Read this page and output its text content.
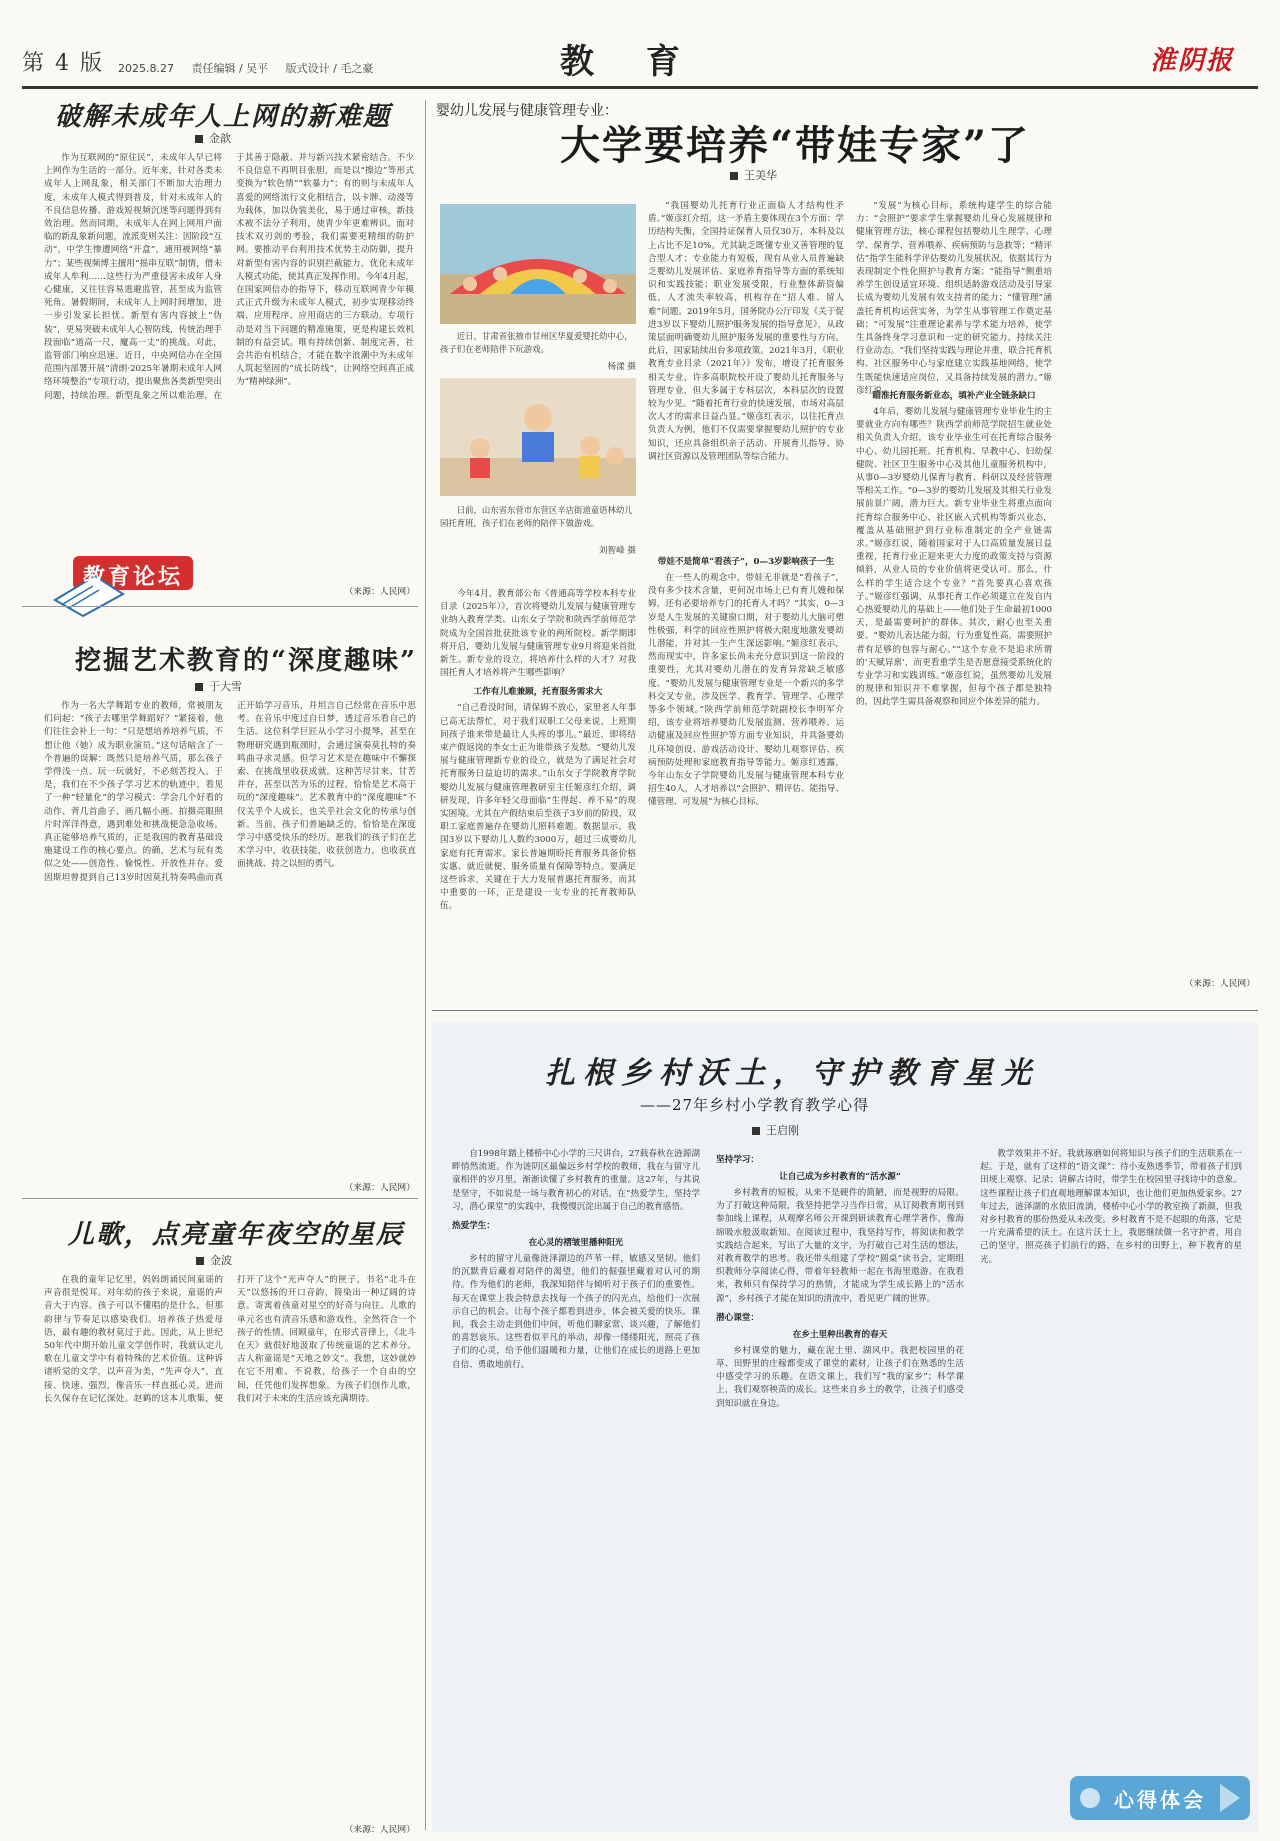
第 4 版 2025.8.27 责任编辑 / 吴平 版式设计 / 毛之豪	教 育	淮阴报
破解未成年人上网的新难题
金歆
作为互联网的“原住民”，未成年人早已将上网作为生活的一部分。近年来，针对各类未成年人上网乱象，相关部门不断加大治理力度，未成年人模式得到普及，针对未成年人的不良信息传播、游戏短视频沉迷等问题得到有效治理。然而同期，未成年人在网上网用户面临的新乱象新问题，流派变则关注：因阶段“互动”，中学生惨遭网络“开盒”，通用被网络“暴力”；某些视频博主擅用“摇串互联”制情，借未成年人牟利……这些行为严重侵害未成年人身心健康，又往往容易逃避监管，甚至成为监管死角。暑假期间，未成年人上网时间增加，进一步引发家长担忧。新型有害内容披上“伪装”，更易突破未成年人心智防线，传统治理手段面临“道高一尺，魔高一丈”的挑战。对此，监管部门响应迅速。近日，中央网信办在全国范围内部署开展“清朗·2025年暑期未成年人网络环境整治”专项行动，提出聚焦各类新型突出问题，持续治理。新型乱象之所以难治理，在于其善于隐蔽、并与新兴技术紧密结合。不少不良信息不再明目张胆，而是以“擦边”等形式变换为“软色情”“软暴力”；有的则与未成年人喜爱的网络流行文化相结合，以卡牌、动漫等为载体，加以伪装美化，易于通过审核，新技术被不法分子利用，使青少年更难辨识。面对技术双刃剑的考验，我们需要更精细的防护网。要推动平台利用技术优势主动防御，提升对新型有害内容的识别拦截能力，优化未成年人模式功能，使其真正发挥作用。今年4月起，在国家网信办的指导下，移动互联网青少年模式正式升级为未成年人模式，初步实现移动终端、应用程序、应用商店的三方联动。专项行动是对当下问题的精准施策，更是构建长效机制的有益尝试。唯有持续创新、制度完善，社会共治有机结合，才能在数字浪潮中为未成年人筑起坚固的“成长防线”，让网络空间真正成为“精神绿洲”。
（来源：人民网）
教育论坛
挖掘艺术教育的“深度趣味”
于大雪
作为一名大学舞蹈专业的教师，常被朋友们问起：“孩子去哪里学舞蹈好？”紧接着，他们往往会补上一句：“只是想培养培养气质，不想让他（她）成为职业演员。”这句话暗含了一个普遍的误解：既然只是培养气质，那么孩子学得浅一点、玩一玩就好，不必刻苦投入。于是，我们在不少孩子学习艺术的轨迹中，看见了一种“轻量化”的学习模式：学会几个好看的动作、背几首曲子、画几幅小画、拍摄亮眼照片时浑洋得意，遇到难处和挑战便急急收场。真正能够培养气质的，正是我国的教育基础设施建设工作的核心要点。的确，艺术与玩有类似之处——创造性、愉悦性、开放性并存。爱因斯坦曾提到自己13岁时因莫扎特奏鸣曲而真正开始学习音乐，并坦言自己经常在音乐中思考。在音乐中度过自日梦，透过音乐看自己的生活。这位科学巨匠从小学习小提琴，甚至在物理研究遇到瓶颈时，会通过演奏莫扎特的奏鸣曲寻求灵感。但学习艺术是在趣味中不懈探索、在挑战里收获成就。这种苦尽甘来、甘苦并存，甚至以苦为乐的过程，恰恰是艺术高于玩的“深度趣味”。艺术教育中的“深度趣味”不仅关乎个人成长，也关乎社会文化的传承与创新。当前，孩子们普遍缺乏的，恰恰是在深度学习中感受快乐的经历。愿我们的孩子们在艺术学习中，收获技能，收获创造力，也收获直面挑战、持之以恒的勇气。
（来源：人民网）
儿歌，点亮童年夜空的星辰
金波
在我的童年记忆里，妈妈朗诵民间童谣的声音很是悦耳。对年幼的孩子来说，童谣的声音大于内容。孩子可以不懂唱的是什么，但那韵律与节奏足以感染我们。培养孩子热爱母语，最有趣的教材莫过于此。因此，从上世纪50年代中期开始儿童文学创作时，我就认定儿歌在儿童文学中有着特殊的艺术价值。这种诉诸听觉的文学，以声音为美，“先声夺人”，直接、快速、强烈，像音乐一样直抵心灵，进而长久保存在记忆深处。赵鹤的这本儿歌集，便打开了这个“光声夺人”的匣子，书名“北斗在天”以悠扬的开口音韵，简染出一种辽阔的诗意。寄寓着孩童对星空的好奇与向往。儿歌的单元名也有清音乐感和游戏性，全然符合一个孩子的性情。回顾童年，在形式音律上，《北斗在天》就很好地汲取了传统童谣的艺术养分。古人称童谣是“天地之妙文”。我想，这妙就妙在它不用难、不说教，给孩子一个自由的空间，任凭他们发挥想象。为孩子们创作儿歌，我们对于未来的生活应该充满期待。
（来源：人民网）
婴幼儿发展与健康管理专业：
大学要培养“带娃专家”了
王美华
近日，甘肃省张掖市甘州区华夏爱婴托幼中心，孩子们在老师陪伴下玩游戏。
杨漾 摄
日前，山东省东营市东营区辛店街道童语林幼儿园托育班，孩子们在老师的陪伴下做游戏。
刘智峰 摄
今年4月，教育部公布《普通高等学校本科专业目录（2025年）》，首次将婴幼儿发展与健康管理专业纳入教育学类。山东女子学院和陕西学前师范学院成为全国首批获批该专业的两所院校。新学期即将开启，婴幼儿发展与健康管理专业9月将迎来首批新生。新专业的设立，将培养什么样的人才？对我国托育人才培养将产生哪些影响？
工作有儿难兼顾，托育服务需求大
“自己看没时间，请保姆不放心，家里老人年事已高无法帮忙，对于我们双职工父母来说，上班期间孩子谁来带是最让人头疼的事儿。”最近，即将结束产假返岗的李女士正为谁带孩子发愁。“婴幼儿发展与健康管理新专业的设立，就是为了满足社会对托育服务日益迫切的需求。”山东女子学院教育学院婴幼儿发展与健康管理教研室主任姬彦红介绍，调研发现，许多年轻父母面临“生得起、养不易”的现实困境。尤其在产假结束后至孩子3岁前的阶段，双职工家庭普遍存在婴幼儿照料难题。数据显示，我国3岁以下婴幼儿人数约3000万，超过三成婴幼儿家庭有托育需求。家长普遍期盼托育服务具备价格实惠、就近就便、服务质量有保障等特点。要满足这些诉求，关键在于大力发展普惠托育服务，而其中重要的一环，正是建设一支专业的托育教师队伍。
“我国婴幼儿托育行业正面临人才结构性矛盾。”姬彦红介绍，这一矛盾主要体现在3个方面：学历结构失衡，全国持证保育人员仅30万，本科及以上占比不足10%。尤其缺乏既懂专业又善管理的复合型人才；专业能力有短板，现有从业人员普遍缺乏婴幼儿发展评估、家庭养育指导等方面的系统知识和实践技能；职业发展受限，行业整体薪资偏低，人才流失率较高，机构存在“招人难、留人难”问题。2019年5月，国务院办公厅印发《关于促进3岁以下婴幼儿照护服务发展的指导意见》，从政策层面明确婴幼儿照护服务发展的重要性与方向。此后，国家陆续出台多项政策。2021年3月，《职业教育专业目录（2021年）》发布，增设了托育服务相关专业，许多高职院校开设了婴幼儿托育服务与管理专业，但大多属于专科层次，本科层次的设置较为少见。“随着托育行业的快速发展，市场对高层次人才的需求日益凸显。”姬彦红表示，以往托育点负责人为例，他们不仅需要掌握婴幼儿照护的专业知识，还应具备组织亲子活动、开展育儿指导、协调社区资源以及管理团队等综合能力。
带娃不是简单“看孩子”，0—3岁影响孩子一生
在一些人的观念中，带娃无非就是“看孩子”，没有多少技术含量，更何况市场上已有育儿嫂和保姆，还有必要培养专门的托育人才吗？“其实，0—3岁是人生发展的关键窗口期，对于婴幼儿大脑可塑性极强，科学的回应性照护将极大限度地激发婴幼儿潜能，并对其一生产生深远影响。”姬彦红表示，然而现实中，许多家长尚未充分意识到这一阶段的重要性，尤其对婴幼儿潜在的发育异常缺乏敏感度。“婴幼儿发展与健康管理专业是一个新兴的多学科交叉专业，涉及医学、教育学、管理学、心理学等多个领域。”陕西学前师范学院副校长李明军介绍，该专业将培养婴幼儿发展监测、营养喂养、运动健康及回应性照护等方面专业知识，并具备婴幼儿环境创设、游戏活动设计、婴幼儿观察评估、疾病预防处理和家庭教育指导等能力。姬彦红透露，今年山东女子学院婴幼儿发展与健康管理本科专业招生40人，人才培养以“会照护、精评估、能指导、懂管理、可发展”为核心目标。
“发展”为核心目标，系统构建学生的综合能力：“会照护”要求学生掌握婴幼儿身心发展规律和健康管理方法，核心课程包括婴幼儿生理学、心理学、保育学、营养喂养、疾病预防与急救等；“精评估”指学生能科学评估婴幼儿发展状况，依据其行为表现制定个性化照护与教育方案；“能指导”侧重培养学生创设适宜环境、组织适龄游戏活动及引导家长成为婴幼儿发展有效支持者的能力；“懂管理”涵盖托育机构运营实务，为学生从事管理工作奠定基础；“可发展”注重理论素养与学术能力培养，使学生具备终身学习意识和一定的研究能力，持续关注行业动态。“我们坚持实践与理论并重，联合托育机构、社区服务中心与家庭建立实践基地网络，使学生既能快速适应岗位，又具备持续发展的潜力。”姬彦红说。
瞄准托育服务新业态，填补产业全链条缺口
4年后，婴幼儿发展与健康管理专业毕业生的主要就业方向有哪些？陕西学前师范学院招生就业处相关负责人介绍，该专业毕业生可在托育综合服务中心、幼儿园托班、托育机构、早教中心、妇幼保健院、社区卫生服务中心及其他儿童服务机构中，从事0—3岁婴幼儿保育与教育、科研以及经营管理等相关工作。“0—3岁的婴幼儿发展及其相关行业发展前景广阔，潜力巨大。新专业毕业生将重点面向托育综合服务中心、社区嵌入式机构等新兴业态，覆盖从基础照护到行业标准制定的全产业链需求。”姬彦红说，随着国家对于人口高质量发展日益重视，托育行业正迎来更大力度的政策支持与资源倾斜，从业人员的专业价值将更受认可。那么，什么样的学生适合这个专业？“首先要真心喜欢孩子。”姬彦红强调，从事托育工作必须建立在发自内心热爱婴幼儿的基础上——他们处于生命最初1000天，是最需要呵护的群体。其次，耐心也至关重要。“婴幼儿表达能力弱，行为重复性高，需要照护者有足够的包容与耐心。”“这个专业不是追求所谓的‘天赋异禀’，而更看重学生是否愿意接受系统化的专业学习和实践训练。”姬彦红说，虽然婴幼儿发展的规律和知识并不难掌握，但每个孩子都是独特的，因此学生需具备观察和回应个体差异的能力。
（来源：人民网）
扎根乡村沃土，守护教育星光
——27年乡村小学教育教学心得
王启刚
自1998年踏上楼桥中心小学的三尺讲台，27载春秋在涟源湖畔悄然流逝。作为涟阴区最偏远乡村学校的教师，我在与留守儿童相伴的岁月里，渐渐读懂了乡村教育的重量。这27年，与其说是坚守，不如说是一场与教育初心的对话，在“热爱学生，坚持学习，潜心课堂”的实践中，我慢慢沉淀出属于自己的教育感悟。
热爱学生：
在心灵的褶皱里播种阳光
乡村的留守儿童像涟泽湖边的芦苇一样，敏感又坚韧。他们的沉默背后藏着对陪伴的渴望，他们的倔强里藏着对认可的期待。作为他们的老师，我深知陪伴与倾听对于孩子们的重要性。每天在课堂上我会特意去找每一个孩子的闪光点，给他们一次展示自己的机会。让每个孩子都看到进步，体会被关爱的快乐。课间，我会主动走到他们中间，听他们聊家常、谈兴趣，了解他们的喜怒哀乐。这些看似平凡的举动，却像一缕缕阳光，照亮了孩子们的心灵，给予他们温暖和力量，让他们在成长的道路上更加自信、勇敢地前行。
坚持学习：
让自己成为乡村教育的“活水源”
乡村教育的短板，从来不是硬件的简陋，而是视野的局限。为了打破这种局限，我坚持把学习当作日常，从订阅教育期刊到参加线上课程，从观摩名师公开课到研读教育心理学著作，像海绵吸水般汲取新知。在阅读过程中，我坚持写作，将阅读和教学实践结合起来，写出了大量的文字，为打破自己对生活的想法，对教育教学的思考。我还带头组建了学校“圆桌”读书会，定期组织教师分享阅读心得，带着年轻教师一起在书海里遨游。在我看来，教师只有保持学习的热情，才能成为学生成长路上的“活水源”，乡村孩子才能在知识的清流中，看见更广阔的世界。
潜心课堂：
在乡土里种出教育的春天
乡村课堂的魅力，藏在泥土里、湖风中。我把校园里的花草、田野里的庄稼都变成了课堂的素材，让孩子们在熟悉的生活中感受学习的乐趣。在语文课上，我们写“我的家乡”；科学课上，我们观察秧苗的成长。这些来自乡土的教学，让孩子们感受到知识就在身边。
教学效果并不好。我就琢磨如何将知识与孩子们的生活联系在一起。于是，就有了这样的“语文课”：待小麦熟透季节，带着孩子们到田埂上观察、记录；讲解古诗时，带学生在校园里寻找诗中的意象。这些课程让孩子们直观地理解课本知识，也让他们更加热爱家乡。27年过去，涟泽湖的水依旧流淌，楼桥中心小学的教室换了新颜，但我对乡村教育的那份热爱从未改变。乡村教育不是不起眼的角落，它是一片充满希望的沃土。在这片沃土上，我愿继续做一名守护者，用自己的坚守，照亮孩子们前行的路，在乡村的田野上，种下教育的星光。
心得体会
